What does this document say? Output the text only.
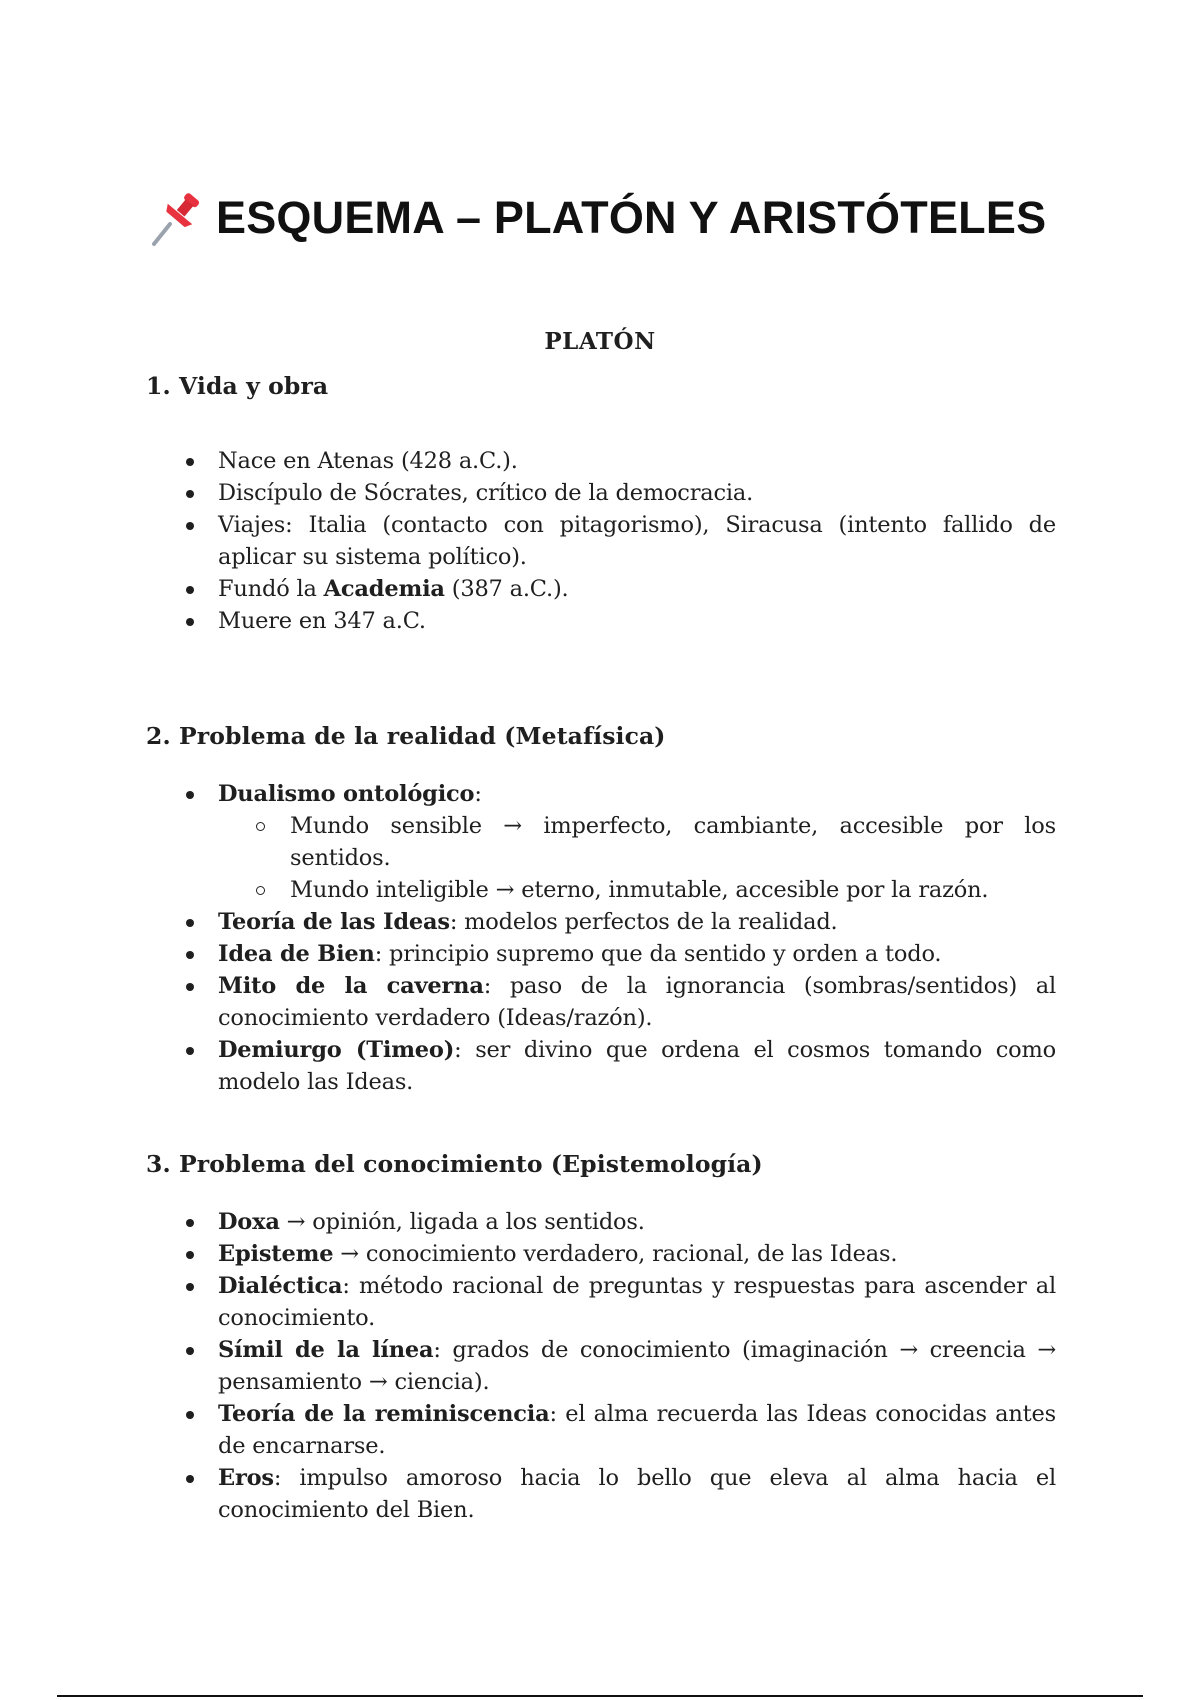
ESQUEMA – PLATÓN Y ARISTÓTELES
PLATÓN
1. Vida y obra
Nace en Atenas (428 a.C.).
Discípulo de Sócrates, crítico de la democracia.
Viajes: Italia (contacto con pitagorismo), Siracusa (intento fallido de aplicar su sistema político).
Fundó la Academia (387 a.C.).
Muere en 347 a.C.
2. Problema de la realidad (Metafísica)
Dualismo ontológico:
Mundo sensible → imperfecto, cambiante, accesible por los sentidos.
Mundo inteligible → eterno, inmutable, accesible por la razón.
Teoría de las Ideas: modelos perfectos de la realidad.
Idea de Bien: principio supremo que da sentido y orden a todo.
Mito de la caverna: paso de la ignorancia (sombras/sentidos) al conocimiento verdadero (Ideas/razón).
Demiurgo (Timeo): ser divino que ordena el cosmos tomando como modelo las Ideas.
3. Problema del conocimiento (Epistemología)
Doxa → opinión, ligada a los sentidos.
Episteme → conocimiento verdadero, racional, de las Ideas.
Dialéctica: método racional de preguntas y respuestas para ascender al conocimiento.
Símil de la línea: grados de conocimiento (imaginación → creencia → pensamiento → ciencia).
Teoría de la reminiscencia: el alma recuerda las Ideas conocidas antes de encarnarse.
Eros: impulso amoroso hacia lo bello que eleva al alma hacia el conocimiento del Bien.
